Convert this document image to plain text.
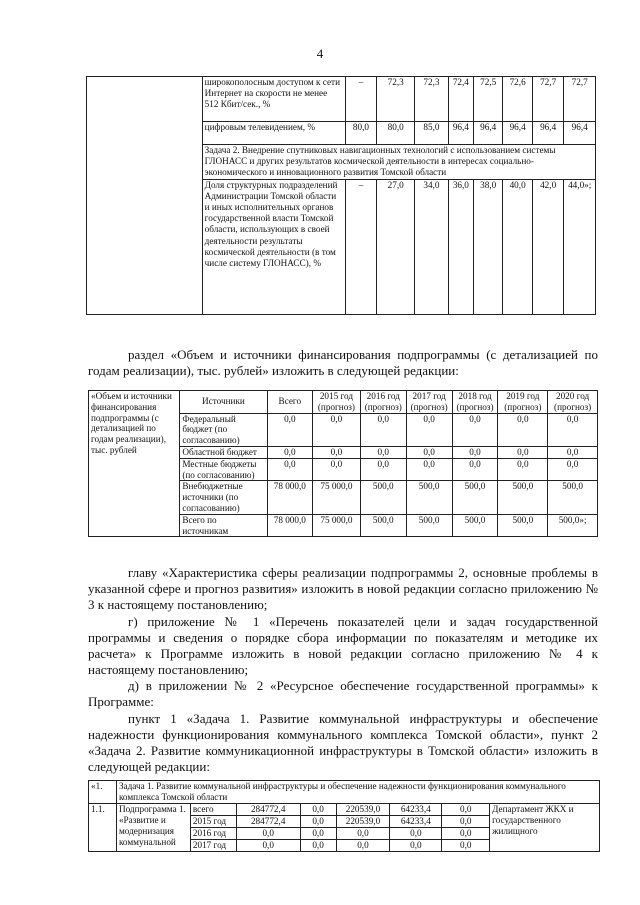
4
	широкополосным доступом к сети Интернет на скорости не менее 512 Кбит/сек., %	–	72,3	72,3	72,4	72,5	72,6	72,7	72,7
	цифровым телевидением, %	80,0	80,0	85,0	96,4	96,4	96,4	96,4	96,4
	Задача 2. Внедрение спутниковых навигационных технологий с использованием системы ГЛОНАСС и других результатов космической деятельности в интересах социально-экономического и инновационного развития Томской области								
	Доля структурных подразделений Администрации Томской области и иных исполнительных органов государственной власти Томской области, использующих в своей деятельности результаты космической деятельности (в том числе систему ГЛОНАСС), %	–	27,0	34,0	36,0	38,0	40,0	42,0	44,0»;
раздел «Объем и источники финансирования подпрограммы (с детализацией по годам реализации), тыс. рублей» изложить в следующей редакции:
«Объем и источники финансирования подпрограммы (с детализацией по годам реализации), тыс. рублей	Источники	Всего	2015 год (прогноз)	2016 год (прогноз)	2017 год (прогноз)	2018 год (прогноз)	2019 год (прогноз)	2020 год (прогноз)
	Федеральный бюджет (по согласованию)	0,0	0,0	0,0	0,0	0,0	0,0	0,0
	Областной бюджет	0,0	0,0	0,0	0,0	0,0	0,0	0,0
	Местные бюджеты (по согласованию)	0,0	0,0	0,0	0,0	0,0	0,0	0,0
	Внебюджетные источники (по согласованию)	78 000,0	75 000,0	500,0	500,0	500,0	500,0	500,0
	Всего по источникам	78 000,0	75 000,0	500,0	500,0	500,0	500,0	500,0»;
главу «Характеристика сферы реализации подпрограммы 2, основные проблемы в указанной сфере и прогноз развития» изложить в новой редакции согласно приложению № 3 к настоящему постановлению;
г) приложение № 1 «Перечень показателей цели и задач государственной программы и сведения о порядке сбора информации по показателям и методике их расчета» к Программе изложить в новой редакции согласно приложению № 4 к настоящему постановлению;
д) в приложении № 2 «Ресурсное обеспечение государственной программы» к Программе:
пункт 1 «Задача 1. Развитие коммунальной инфраструктуры и обеспечение надежности функционирования коммунального комплекса Томской области», пункт 2 «Задача 2. Развитие коммуникационной инфраструктуры в Томской области» изложить в следующей редакции:
«1.	Задача 1. Развитие коммунальной инфраструктуры и обеспечение надежности функционирования коммунального комплекса Томской области							
1.1.	Подпрограмма 1. «Развитие и модернизация коммунальной	всего	284772,4	0,0	220539,0	64233,4	0,0	Департамент ЖКХ и государственного жилищного
		2015 год	284772,4	0,0	220539,0	64233,4	0,0	
		2016 год	0,0	0,0	0,0	0,0	0,0	
		2017 год	0,0	0,0	0,0	0,0	0,0	
